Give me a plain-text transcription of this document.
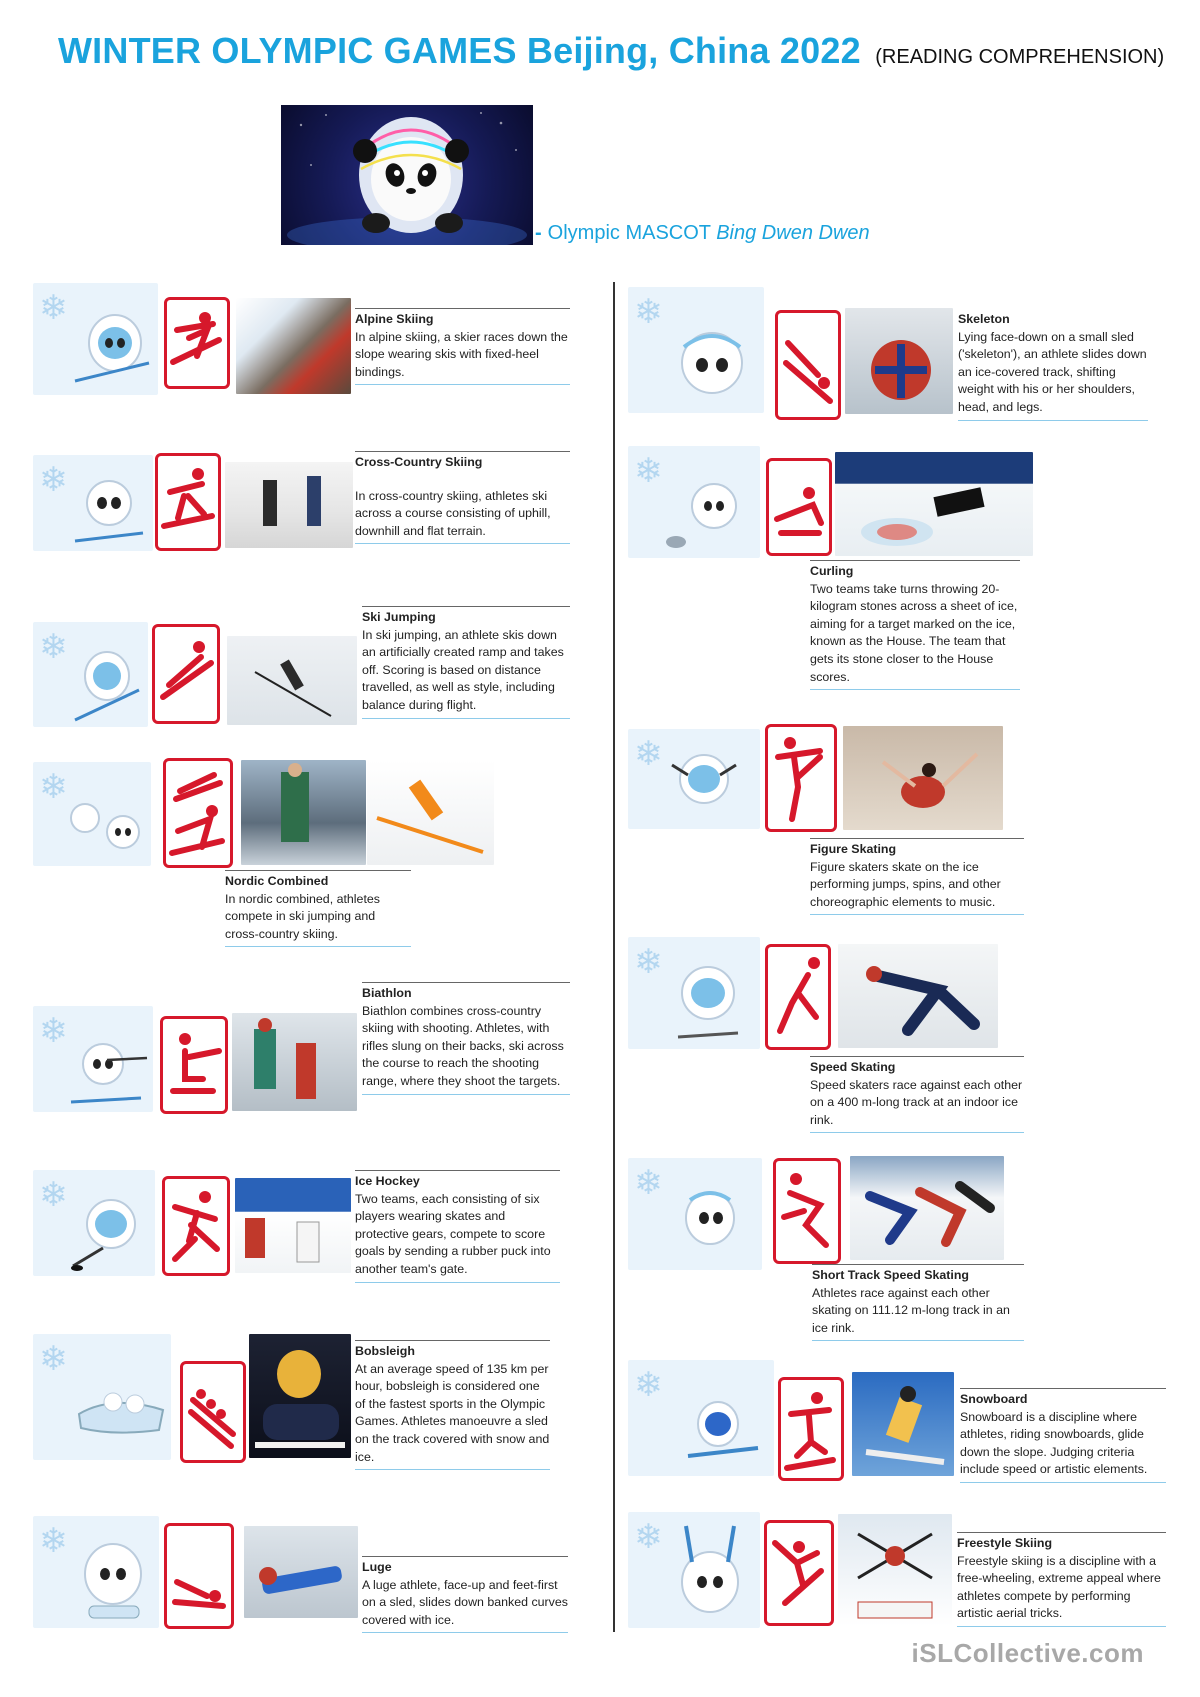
WINTER OLYMPIC GAMES Beijing, China 2022 (READING COMPREHENSION)
- Olympic MASCOT Bing Dwen Dwen
❄	Alpine Skiing
In alpine skiing, a skier races down the slope wearing skis with fixed-heel bindings.
❄	Cross-Country Skiing
In cross-country skiing, athletes ski across a course consisting of uphill, downhill and flat terrain.
❄
Ski Jumping
In ski jumping, an athlete skis down an artificially created ramp and takes off. Scoring is based on distance travelled, as well as style, including balance during flight.
❄
Nordic Combined
In nordic combined, athletes compete in ski jumping and cross-country skiing.
❄
Biathlon
Biathlon combines cross-country skiing with shooting. Athletes, with rifles slung on their backs, ski across the course to reach the shooting range, where they shoot the targets.
❄	Ice Hockey
Two teams, each consisting of six players wearing skates and protective gears, compete to score goals by sending a rubber puck into another team's gate.
❄	Bobsleigh
At an average speed of 135 km per hour, bobsleigh is considered one of the fastest sports in the Olympic Games. Athletes manoeuvre a sled on the track covered with snow and ice.
❄
Luge
A luge athlete, face-up and feet-first on a sled, slides down banked curves covered with ice.
❄	Skeleton
Lying face-down on a small sled ('skeleton'), an athlete slides down an ice-covered track, shifting weight with his or her shoulders, head, and legs.
❄
Curling
Two teams take turns throwing 20-kilogram stones across a sheet of ice, aiming for a target marked on the ice, known as the House. The team that gets its stone closer to the House scores.
❄
Figure Skating
Figure skaters skate on the ice performing jumps, spins, and other choreographic elements to music.
❄
Speed Skating
Speed skaters race against each other on a 400 m-long track at an indoor ice rink.
❄
Short Track Speed Skating
Athletes race against each other skating on 111.12 m-long track in an ice rink.
❄	Snowboard
Snowboard is a discipline where athletes, riding snowboards, glide down the slope. Judging criteria include speed or artistic elements.
❄	Freestyle Skiing
Freestyle skiing is a discipline with a free-wheeling, extreme appeal where athletes compete by performing artistic aerial tricks.
iSLCollective.com
